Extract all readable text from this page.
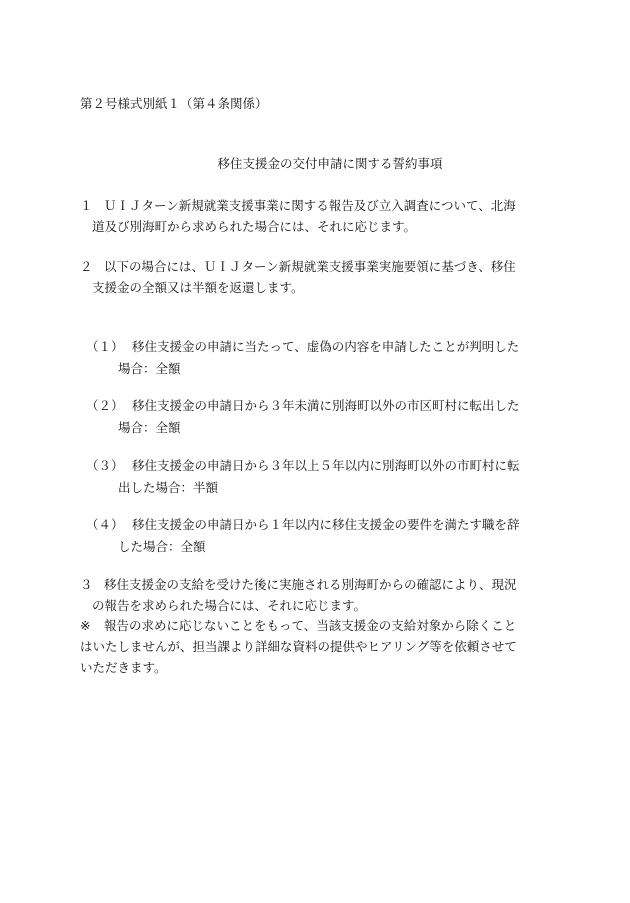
第２号様式別紙１（第４条関係）
移住支援金の交付申請に関する誓約事項
１ ＵＩＪターン新規就業支援事業に関する報告及び立入調査について、北海
道及び別海町から求められた場合には、それに応じます。
２ 以下の場合には、ＵＩＪターン新規就業支援事業実施要領に基づき、移住
支援金の全額又は半額を返還します。
（１） 移住支援金の申請に当たって、虚偽の内容を申請したことが判明した
場合：全額
（２） 移住支援金の申請日から３年未満に別海町以外の市区町村に転出した
場合：全額
（３） 移住支援金の申請日から３年以上５年以内に別海町以外の市町村に転
出した場合：半額
（４） 移住支援金の申請日から１年以内に移住支援金の要件を満たす職を辞
した場合：全額
３ 移住支援金の支給を受けた後に実施される別海町からの確認により、現況
の報告を求められた場合には、それに応じます。
※ 報告の求めに応じないことをもって、当該支援金の支給対象から除くこと
はいたしませんが、担当課より詳細な資料の提供やヒアリング等を依頼させて
いただきます。
